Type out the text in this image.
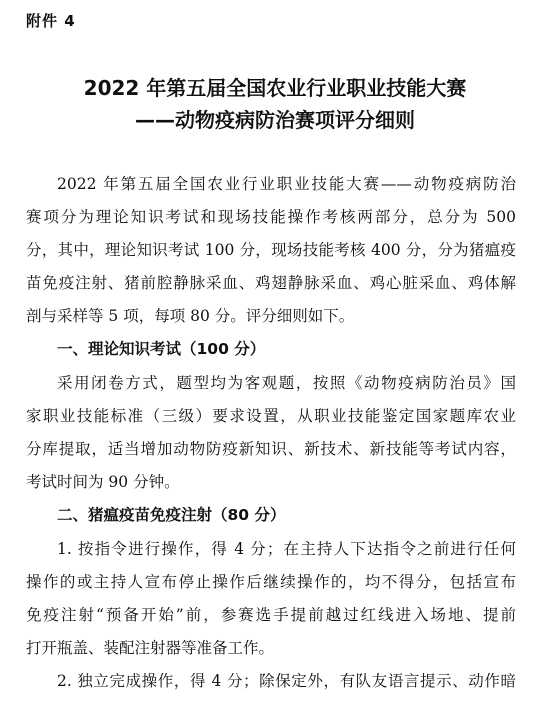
附件 4
2022 年第五届全国农业行业职业技能大赛
——动物疫病防治赛项评分细则
2022 年第五届全国农业行业职业技能大赛——动物疫病防治
赛项分为理论知识考试和现场技能操作考核两部分，总分为 500
分，其中，理论知识考试 100 分，现场技能考核 400 分，分为猪瘟疫
苗免疫注射、猪前腔静脉采血、鸡翅静脉采血、鸡心脏采血、鸡体解
剖与采样等 5 项，每项 80 分。评分细则如下。
一、理论知识考试（100 分）
采用闭卷方式，题型均为客观题，按照《动物疫病防治员》国
家职业技能标准（三级）要求设置，从职业技能鉴定国家题库农业
分库提取，适当增加动物防疫新知识、新技术、新技能等考试内容，
考试时间为 90 分钟。
二、猪瘟疫苗免疫注射（80 分）
1. 按指令进行操作，得 4 分；在主持人下达指令之前进行任何
操作的或主持人宣布停止操作后继续操作的，均不得分，包括宣布
免疫注射“预备开始”前，参赛选手提前越过红线进入场地、提前
打开瓶盖、装配注射器等准备工作。
2. 独立完成操作，得 4 分；除保定外，有队友语言提示、动作暗
